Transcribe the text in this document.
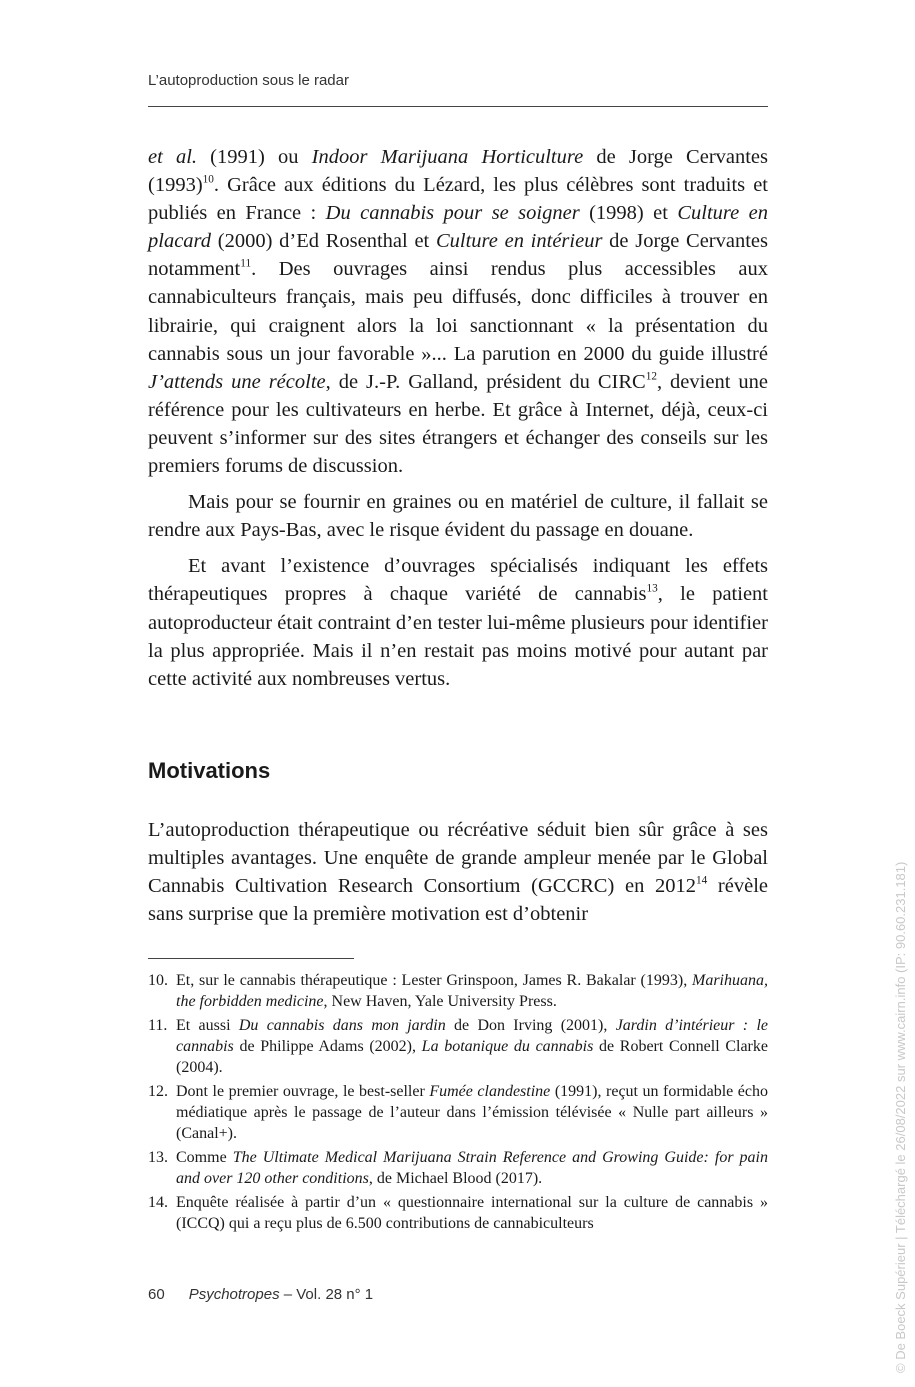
L’autoproduction sous le radar

et al. (1991) ou Indoor Marijuana Horticulture de Jorge Cervantes $(1993)^{10}$. Grâce aux éditions du Lézard, les plus célèbres sont traduits et publiés en France : Du cannabis pour se soigner (1998) et Culture en placard (2000) d’Ed Rosenthal et Culture en intérieur de Jorge Cervantes notamment$^{11}$. Des ouvrages ainsi rendus plus accessibles aux cannabiculteurs français, mais peu diffusés, donc difficiles à trouver en librairie, qui craignent alors la loi sanctionnant « la présentation du cannabis sous un jour favorable »... La parution en 2000 du guide illustré J’attends une récolte, de J.-P. Galland, président du CIRC$^{12}$, devient une référence pour les cultivateurs en herbe. Et grâce à Internet, déjà, ceux-ci peuvent s’informer sur des sites étrangers et échanger des conseils sur les premiers forums de discussion.

Mais pour se fournir en graines ou en matériel de culture, il fallait se rendre aux Pays-Bas, avec le risque évident du passage en douane.

Et avant l’existence d’ouvrages spécialisés indiquant les effets thérapeutiques propres à chaque variété de cannabis$^{13}$, le patient autoproducteur était contraint d’en tester lui-même plusieurs pour identifier la plus appropriée. Mais il n’en restait pas moins motivé pour autant par cette activité aux nombreuses vertus.

Motivations

L’autoproduction thérapeutique ou récréative séduit bien sûr grâce à ses multiples avantages. Une enquête de grande ampleur menée par le Global Cannabis Cultivation Research Consortium (GCCRC) en 2012$^{14}$ révèle sans surprise que la première motivation est d’obtenir

10. Et, sur le cannabis thérapeutique : Lester Grinspoon, James R. Bakalar (1993), Marihuana, the forbidden medicine, New Haven, Yale University Press.
11. Et aussi Du cannabis dans mon jardin de Don Irving (2001), Jardin d’intérieur : le cannabis de Philippe Adams (2002), La botanique du cannabis de Robert Connell Clarke (2004).
12. Dont le premier ouvrage, le best-seller Fumée clandestine (1991), reçut un formidable écho médiatique après le passage de l’auteur dans l’émission télévisée « Nulle part ailleurs » (Canal+).
13. Comme The Ultimate Medical Marijuana Strain Reference and Growing Guide: for pain and over 120 other conditions, de Michael Blood (2017).
14. Enquête réalisée à partir d’un « questionnaire international sur la culture de cannabis » (ICCQ) qui a reçu plus de 6.500 contributions de cannabiculteurs
60 Psychotropes – Vol. 28 n° 1	© De Boeck Supérieur | Téléchargé le 26/08/2022 sur www.cairn.info (IP: 90.60.231.181)
